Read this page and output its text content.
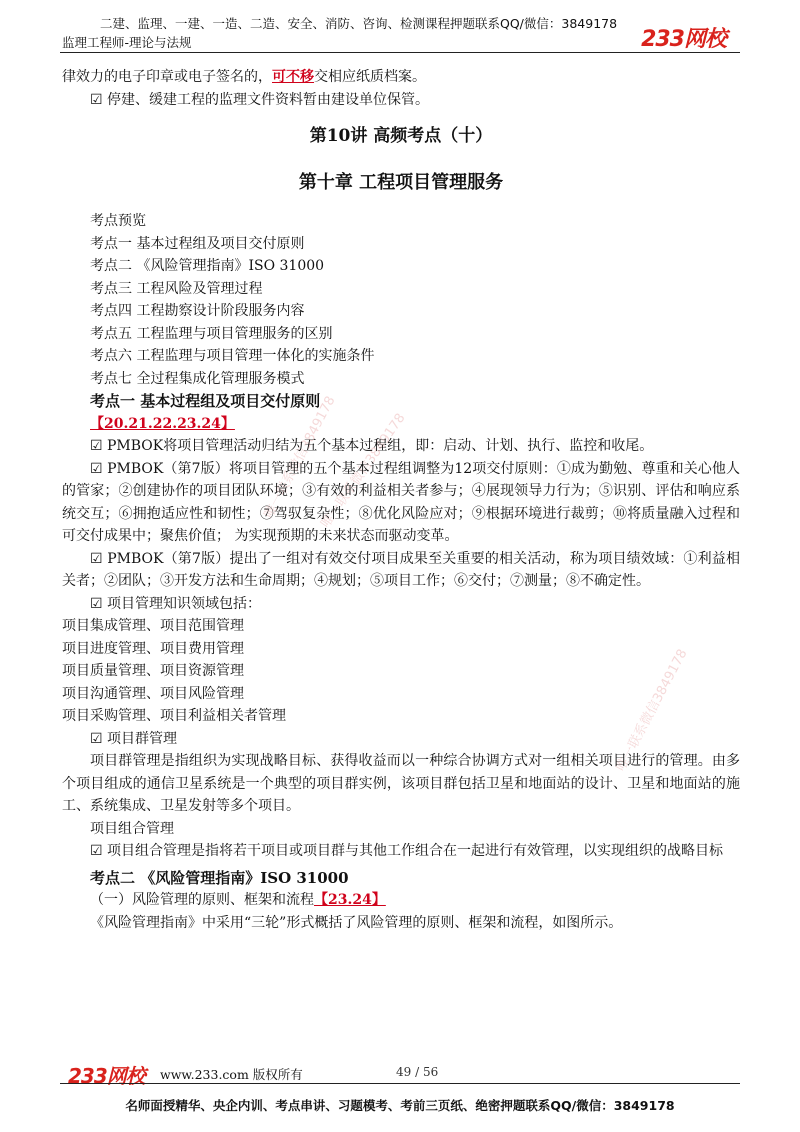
二建、监理、一建、一造、二造、安全、消防、咨询、检测课程押题联系QQ/微信：3849178
监理工程师-理论与法规	233网校
唯一联系微信3849178
唯一联系微信3849178
唯一联系微信3849178
律效力的电子印章或电子签名的，可不移交相应纸质档案。
☑ 停建、缓建工程的监理文件资料暂由建设单位保管。
第10讲 高频考点（十）
第十章 工程项目管理服务
考点预览
考点一 基本过程组及项目交付原则
考点二 《风险管理指南》ISO 31000
考点三 工程风险及管理过程
考点四 工程勘察设计阶段服务内容
考点五 工程监理与项目管理服务的区别
考点六 工程监理与项目管理一体化的实施条件
考点七 全过程集成化管理服务模式
考点一 基本过程组及项目交付原则
【20.21.22.23.24】
☑ PMBOK将项目管理活动归结为五个基本过程组，即：启动、计划、执行、监控和收尾。
☑ PMBOK（第7版）将项目管理的五个基本过程组调整为12项交付原则：①成为勤勉、尊重和关心他人的管家；②创建协作的项目团队环境；③有效的利益相关者参与；④展现领导力行为；⑤识别、评估和响应系统交互；⑥拥抱适应性和韧性；⑦驾驭复杂性；⑧优化风险应对；⑨根据环境进行裁剪；⑩将质量融入过程和可交付成果中；聚焦价值； 为实现预期的未来状态而驱动变革。
☑ PMBOK（第7版）提出了一组对有效交付项目成果至关重要的相关活动，称为项目绩效域：①利益相关者；②团队；③开发方法和生命周期；④规划；⑤项目工作；⑥交付；⑦测量；⑧不确定性。
☑ 项目管理知识领域包括：
项目集成管理、项目范围管理
项目进度管理、项目费用管理
项目质量管理、项目资源管理
项目沟通管理、项目风险管理
项目采购管理、项目利益相关者管理
☑ 项目群管理
项目群管理是指组织为实现战略目标、获得收益而以一种综合协调方式对一组相关项目进行的管理。由多个项目组成的通信卫星系统是一个典型的项目群实例，该项目群包括卫星和地面站的设计、卫星和地面站的施工、系统集成、卫星发射等多个项目。
项目组合管理
☑ 项目组合管理是指将若干项目或项目群与其他工作组合在一起进行有效管理，以实现组织的战略目标
考点二 《风险管理指南》ISO 31000
（一）风险管理的原则、框架和流程【23.24】
《风险管理指南》中采用“三轮”形式概括了风险管理的原则、框架和流程，如图所示。
233网校 www.233.com 版权所有	49 / 56
名师面授精华、央企内训、考点串讲、习题模考、考前三页纸、绝密押题联系QQ/微信：3849178
